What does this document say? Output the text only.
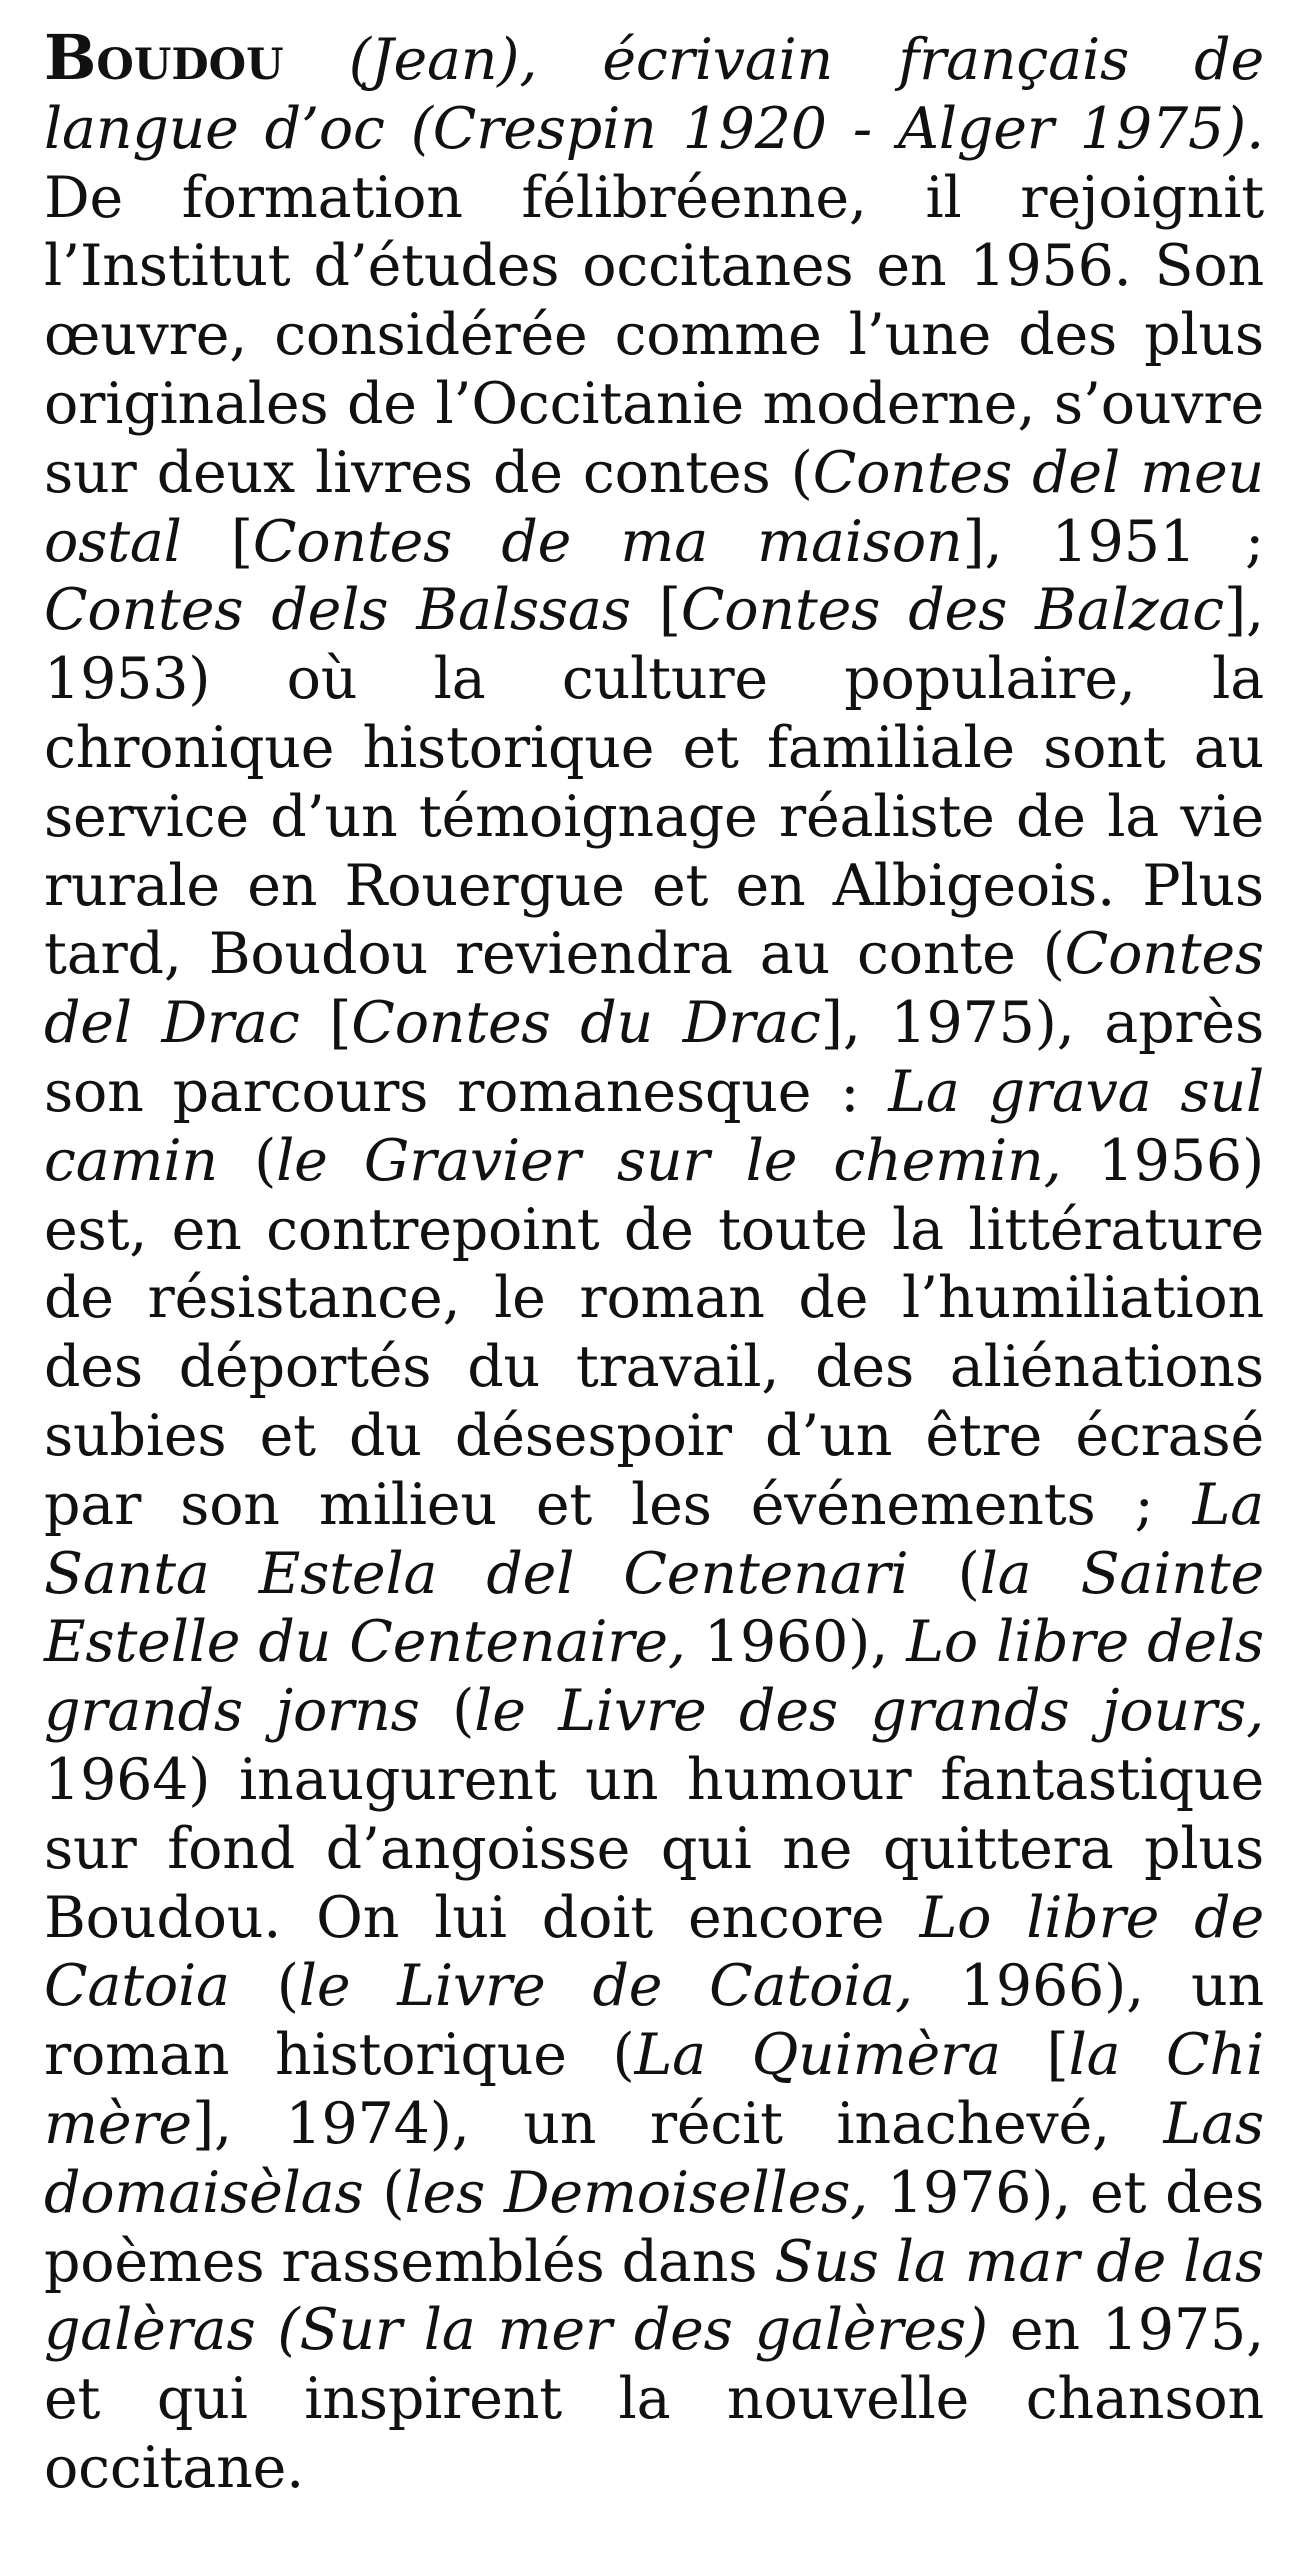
Boudou (Jean), écrivain français de langue d’oc (Crespin 1920 - Alger 1975). De formation félibréenne, il rejoignit l’Institut d’études occitanes en 1956. Son œuvre, considérée comme l’une des plus originales de l’Occitanie moderne, s’ouvre sur deux livres de contes (Contes del meu ostal [Contes de ma maison], 1951 ; Contes dels Balssas [Contes des Balzac], 1953) où la culture populaire, la chronique historique et familiale sont au service d’un témoignage réaliste de la vie rurale en Rouergue et en Albigeois. Plus tard, Boudou reviendra au conte (Contes del Drac [Contes du Drac], 1975), après son parcours romanesque : La grava sul camin (le Gravier sur le chemin, 1956) est, en contrepoint de toute la littérature de résistance, le roman de l’humiliation des déportés du travail, des aliénations subies et du désespoir d’un être écrasé par son milieu et les événements ; La Santa Estela del Centenari (la Sainte Estelle du Centenaire, 1960), Lo libre dels grands jorns (le Livre des grands jours, 1964) inaugurent un humour fantastique sur fond d’angoisse qui ne quittera plus Boudou. On lui doit encore Lo libre de Catoia (le Livre de Catoia, 1966), un roman historique (La Quimèra [la Chi mère], 1974), un récit inachevé, Las domaisèlas (les Demoiselles, 1976), et des poèmes rassemblés dans Sus la mar de las galèras (Sur la mer des galères) en 1975, et qui inspirent la nouvelle chanson occitane.
